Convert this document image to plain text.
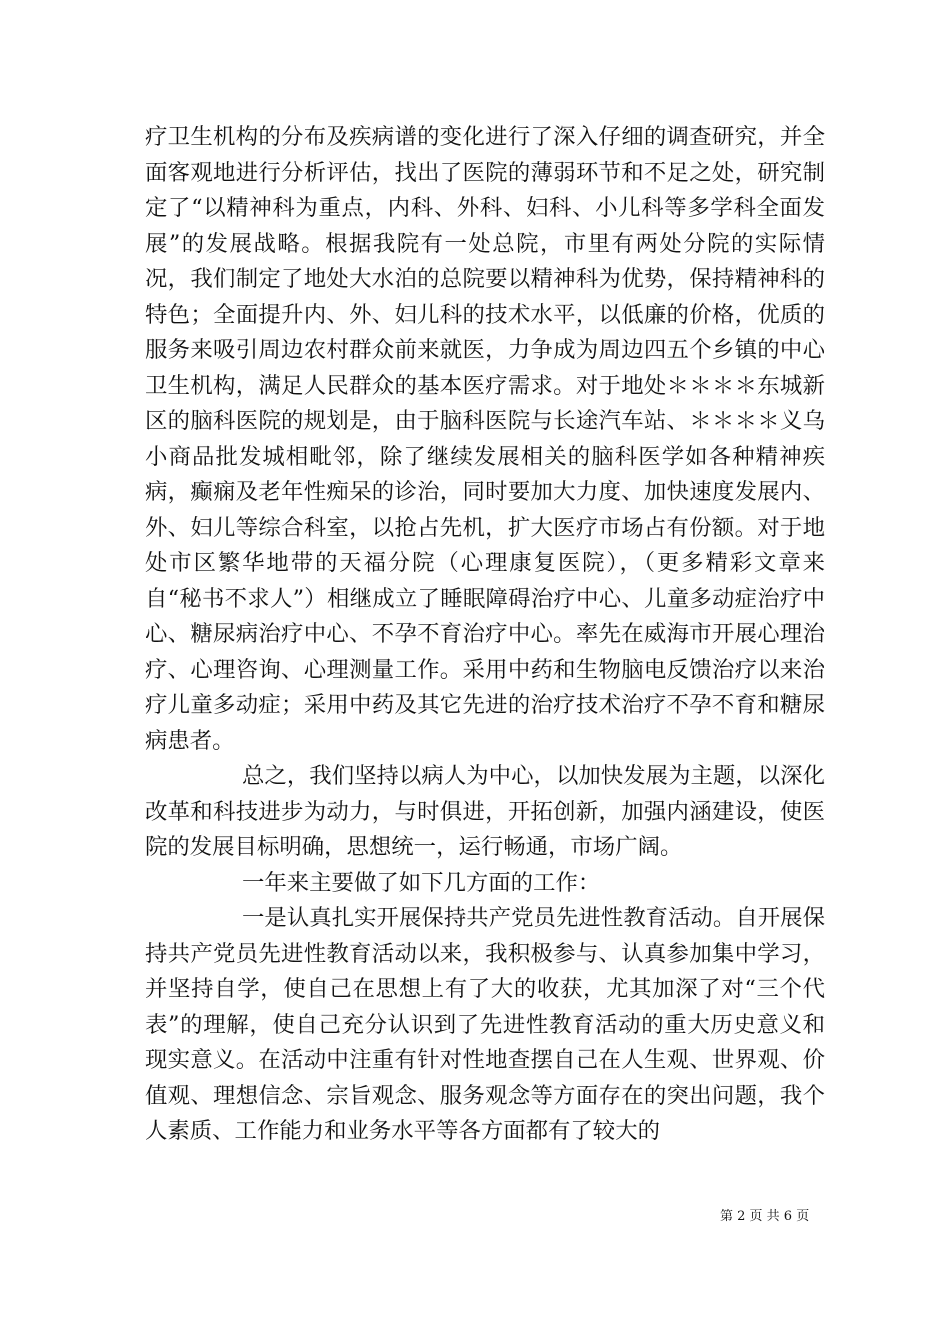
疗卫生机构的分布及疾病谱的变化进行了深入仔细的调查研究，并全面客观地进行分析评估，找出了医院的薄弱环节和不足之处，研究制定了“以精神科为重点，内科、外科、妇科、小儿科等多学科全面发展”的发展战略。根据我院有一处总院，市里有两处分院的实际情况，我们制定了地处大水泊的总院要以精神科为优势，保持精神科的特色；全面提升内、外、妇儿科的技术水平，以低廉的价格，优质的服务来吸引周边农村群众前来就医，力争成为周边四五个乡镇的中心卫生机构，满足人民群众的基本医疗需求。对于地处＊＊＊＊东城新区的脑科医院的规划是，由于脑科医院与长途汽车站、＊＊＊＊义乌小商品批发城相毗邻，除了继续发展相关的脑科医学如各种精神疾病，癫痫及老年性痴呆的诊治，同时要加大力度、加快速度发展内、外、妇儿等综合科室，以抢占先机，扩大医疗市场占有份额。对于地处市区繁华地带的天福分院（心理康复医院），（更多精彩文章来自“秘书不求人”）相继成立了睡眠障碍治疗中心、儿童多动症治疗中心、糖尿病治疗中心、不孕不育治疗中心。率先在威海市开展心理治疗、心理咨询、心理测量工作。采用中药和生物脑电反馈治疗以来治疗儿童多动症；采用中药及其它先进的治疗技术治疗不孕不育和糖尿病患者。

总之，我们坚持以病人为中心，以加快发展为主题，以深化改革和科技进步为动力，与时俱进，开拓创新，加强内涵建设，使医院的发展目标明确，思想统一，运行畅通，市场广阔。

一年来主要做了如下几方面的工作：

一是认真扎实开展保持共产党员先进性教育活动。自开展保持共产党员先进性教育活动以来，我积极参与、认真参加集中学习，并坚持自学，使自己在思想上有了大的收获，尤其加深了对“三个代表”的理解，使自己充分认识到了先进性教育活动的重大历史意义和现实意义。在活动中注重有针对性地查摆自己在人生观、世界观、价值观、理想信念、宗旨观念、服务观念等方面存在的突出问题，我个人素质、工作能力和业务水平等各方面都有了较大的

第 2 页 共 6 页
